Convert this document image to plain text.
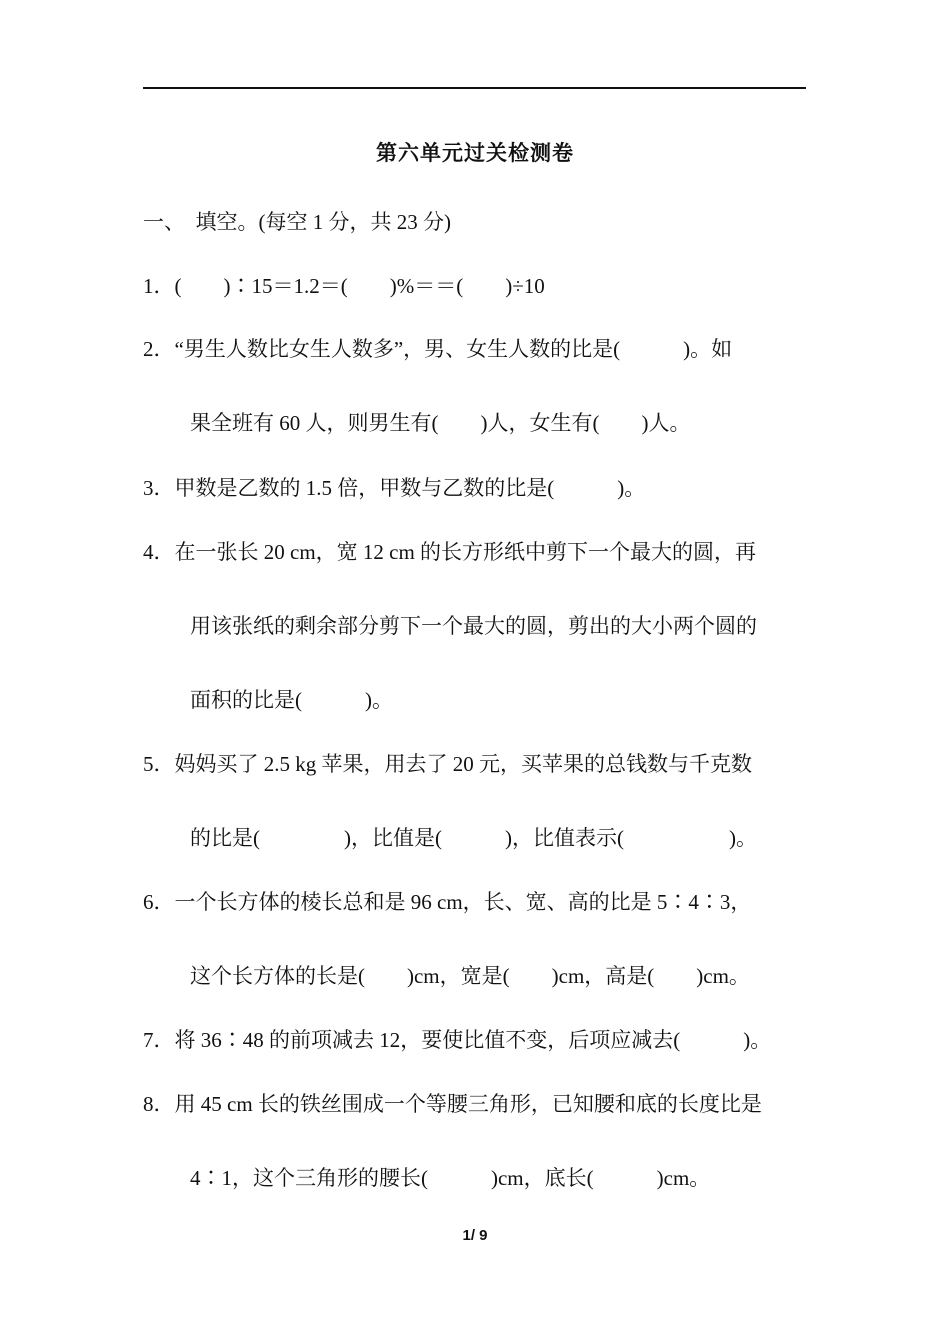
第六单元过关检测卷
一、  填空。(每空 1 分，共 23 分)
1．(　　)∶15＝1.2＝(　　)%＝＝(　　)÷10
2．“男生人数比女生人数多”，男、女生人数的比是(　　　)。如
果全班有 60 人，则男生有(　　)人，女生有(　　)人。
3．甲数是乙数的 1.5 倍，甲数与乙数的比是(　　　)。
4．在一张长 20 cm，宽 12 cm 的长方形纸中剪下一个最大的圆，再
用该张纸的剩余部分剪下一个最大的圆，剪出的大小两个圆的
面积的比是(　　　)。
5．妈妈买了 2.5 kg 苹果，用去了 20 元，买苹果的总钱数与千克数
的比是(　　　　)，比值是(　　　)，比值表示(　　　　　)。
6．一个长方体的棱长总和是 96 cm，长、宽、高的比是 5∶4∶3，
这个长方体的长是(　　)cm，宽是(　　)cm，高是(　　)cm。
7．将 36∶48 的前项减去 12，要使比值不变，后项应减去(　　　)。
8．用 45 cm 长的铁丝围成一个等腰三角形，已知腰和底的长度比是
4∶1，这个三角形的腰长(　　　)cm，底长(　　　)cm。
1/ 9
